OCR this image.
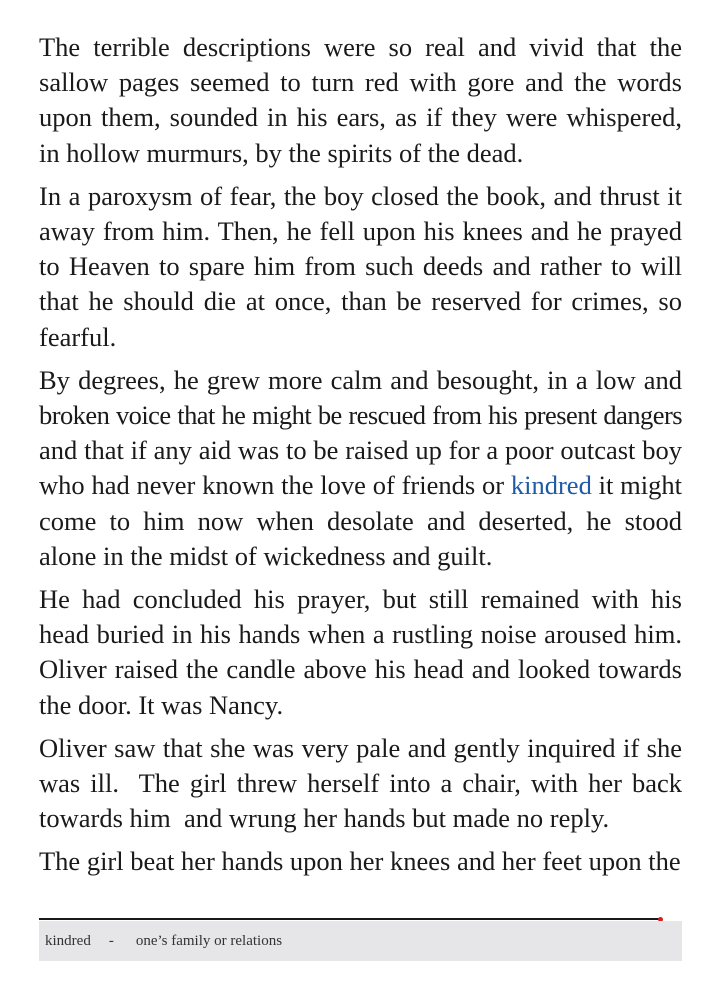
The terrible descriptions were so real and vivid that the sallow pages seemed to turn red with gore and the words upon them, sounded in his ears, as if they were whispered, in hollow murmurs, by the spirits of the dead.

In a paroxysm of fear, the boy closed the book, and thrust it away from him. Then, he fell upon his knees and he prayed to Heaven to spare him from such deeds and rather to will that he should die at once, than be reserved for crimes, so fearful.

By degrees, he grew more calm and besought, in a low and broken voice that he might be rescued from his present dangers and that if any aid was to be raised up for a poor outcast boy who had never known the love of friends or kindred it might come to him now when desolate and deserted, he stood alone in the midst of wickedness and guilt.

He had concluded his prayer, but still remained with his head buried in his hands when a rustling noise aroused him. Oliver raised the candle above his head and looked towards the door. It was Nancy.

Oliver saw that she was very pale and gently inquired if she was ill.  The girl threw herself into a chair, with her back towards him  and wrung her hands but made no reply.

The girl beat her hands upon her knees and her feet upon the

kindred - one’s family or relations
